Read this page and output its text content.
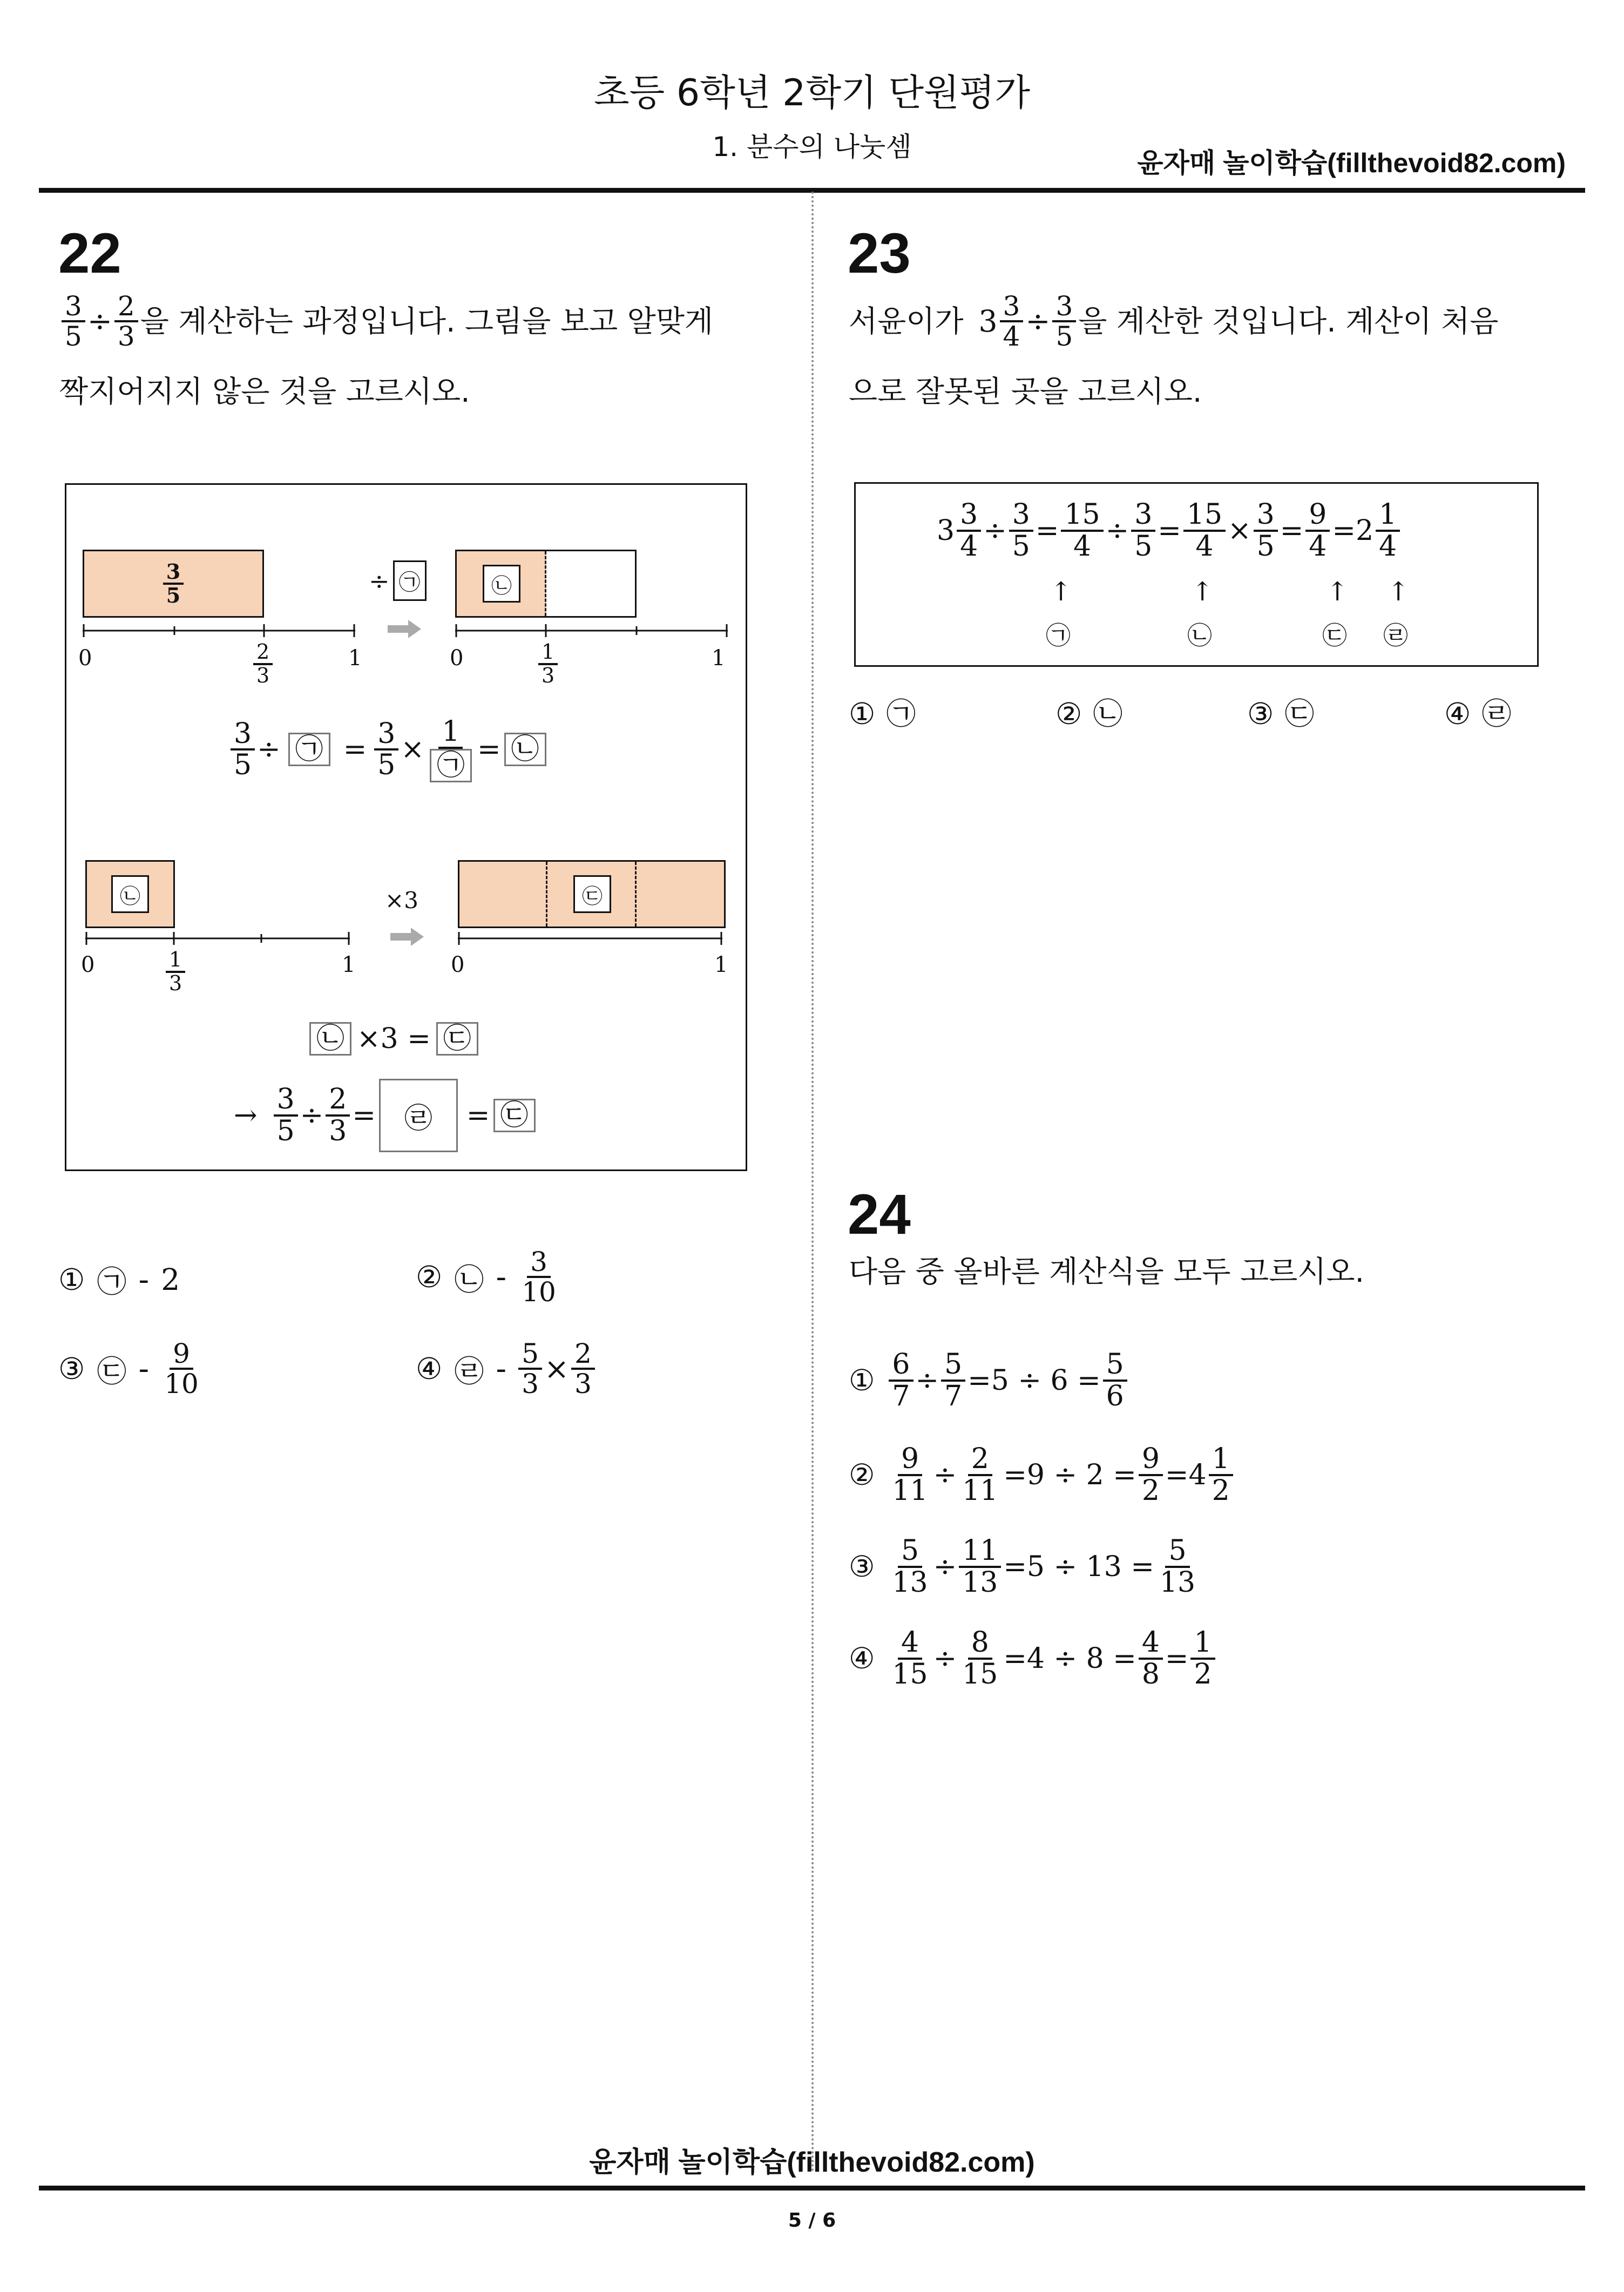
초등 6학년 2학기 단원평가
1. 분수의 나눗셈
윤자매 놀이학습(fillthevoid82.com)
22
$\frac{3}{5} \div \frac{2}{3}$ 을 계산하는 과정입니다. 그림을 보고 알맞게
짝지어지지 않은 것을 고르시오.
$\frac{3}{5}$
0	$\frac{2}{3}$	1
÷ ㉠	㉡
0	$\frac{1}{3}$	1
$\frac{3}{5}$ ÷ ㉠ = $\frac{3}{5} \times \frac{1}{㉠}$ = ㉡
㉡
0	$\frac{1}{3}$	1
×3	㉢
0	1
㉡ ×3 = ㉢
→ $\frac{3}{5} \div \frac{2}{3}$ =	㉣	= ㉢
① ㉠ - 2	② ㉡ - $\frac{3}{10}$
③ ㉢ - $\frac{9}{10}$	④ ㉣ - $\frac{5}{3} \times \frac{2}{3}$
23
서윤이가 $3 \frac{3}{4} \div \frac{3}{5}$ 을 계산한 것입니다. 계산이 처음
으로 잘못된 곳을 고르시오.
$3 \frac{3}{4} \div \frac{3}{5} = \frac{15}{4} \div \frac{3}{5} = \frac{15}{4} \times \frac{3}{5} = \frac{9}{4} = 2 \frac{1}{4}$
↑	↑	↑ ↑
㉠	㉡	㉢ ㉣
① ㉠	② ㉡	③ ㉢	④ ㉣
24
다음 중 올바른 계산식을 모두 고르시오.
① $\frac{6}{7} \div \frac{5}{7} =5 \div 6 = \frac{5}{6}$
② $\frac{9}{11} \div \frac{2}{11} =9 \div 2 = \frac{9}{2} =4 \frac{1}{2}$
③ $\frac{5}{13} \div \frac{11}{13} =5 \div 13 = \frac{5}{13}$
④ $\frac{4}{15} \div \frac{8}{15} =4 \div 8 = \frac{4}{8} = \frac{1}{2}$
윤자매 놀이학습(fillthevoid82.com)
5 / 6
